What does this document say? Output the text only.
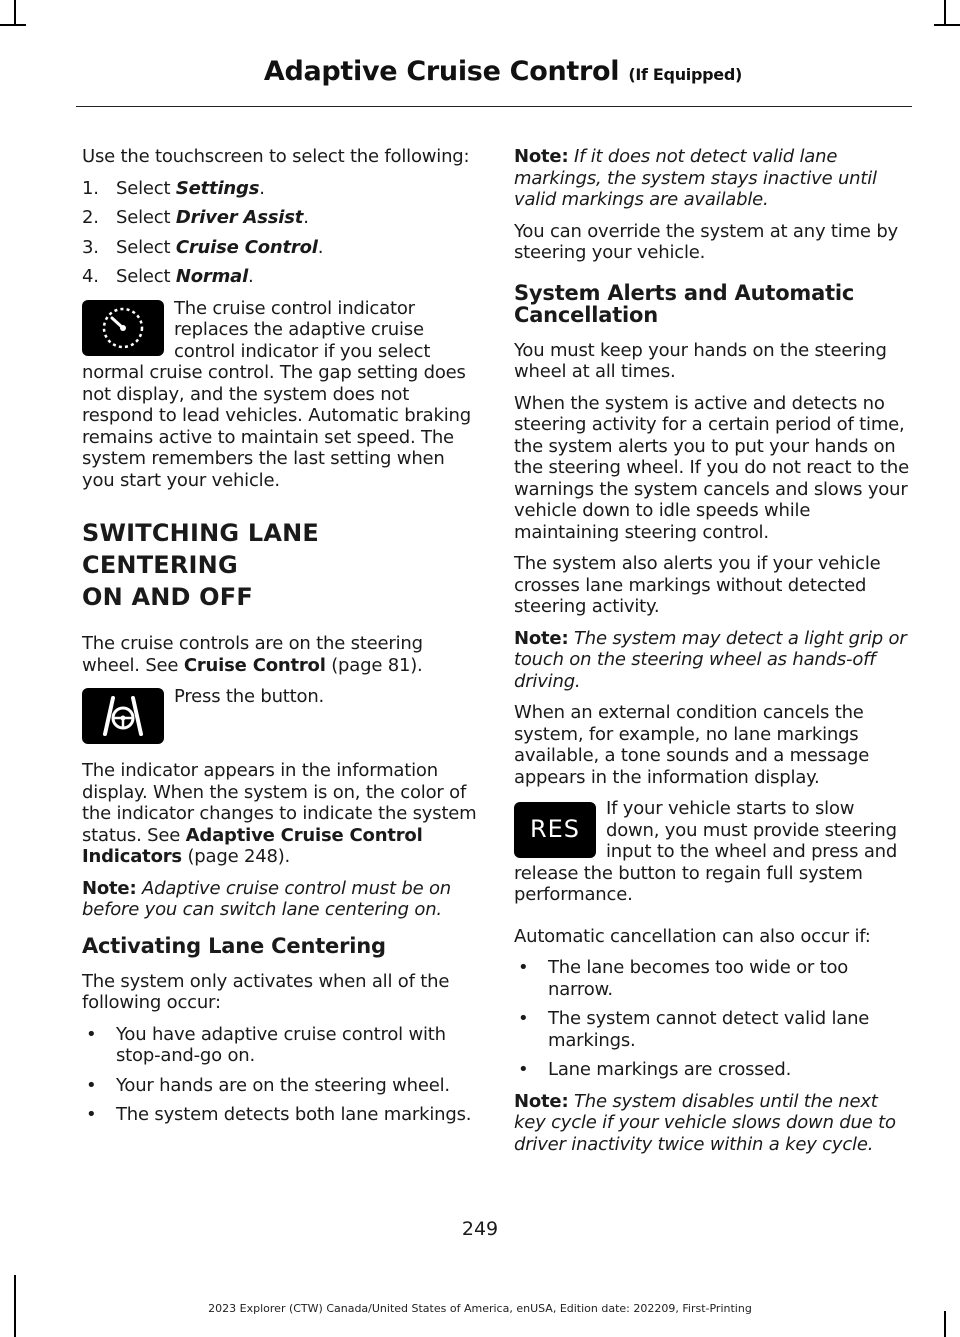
Adaptive Cruise Control (If Equipped)

Use the touchscreen to select the following:

1. Select Settings.
2. Select Driver Assist.
3. Select Cruise Control.
4. Select Normal.

The cruise control indicator replaces the adaptive cruise control indicator if you select normal cruise control. The gap setting does not display, and the system does not respond to lead vehicles. Automatic braking remains active to maintain set speed. The system remembers the last setting when you start your vehicle.

SWITCHING LANE CENTERING
ON AND OFF

The cruise controls are on the steering wheel. See Cruise Control (page 81).

Press the button.

The indicator appears in the information display. When the system is on, the color of the indicator changes to indicate the system status. See Adaptive Cruise Control Indicators (page 248).

Note: Adaptive cruise control must be on before you can switch lane centering on.

Activating Lane Centering

The system only activates when all of the following occur:

• You have adaptive cruise control with stop-and-go on.
• Your hands are on the steering wheel.
• The system detects both lane markings.

Note: If it does not detect valid lane markings, the system stays inactive until valid markings are available.

You can override the system at any time by steering your vehicle.

System Alerts and Automatic Cancellation

You must keep your hands on the steering wheel at all times.

When the system is active and detects no steering activity for a certain period of time, the system alerts you to put your hands on the steering wheel. If you do not react to the warnings the system cancels and slows your vehicle down to idle speeds while maintaining steering control.

The system also alerts you if your vehicle crosses lane markings without detected steering activity.

Note: The system may detect a light grip or touch on the steering wheel as hands-off driving.

When an external condition cancels the system, for example, no lane markings available, a tone sounds and a message appears in the information display.

RES

If your vehicle starts to slow down, you must provide steering input to the wheel and press and release the button to regain full system performance.

Automatic cancellation can also occur if:

• The lane becomes too wide or too narrow.
• The system cannot detect valid lane markings.
• Lane markings are crossed.

Note: The system disables until the next key cycle if your vehicle slows down due to driver inactivity twice within a key cycle.

249
2023 Explorer (CTW) Canada/United States of America, enUSA, Edition date: 202209, First-Printing
